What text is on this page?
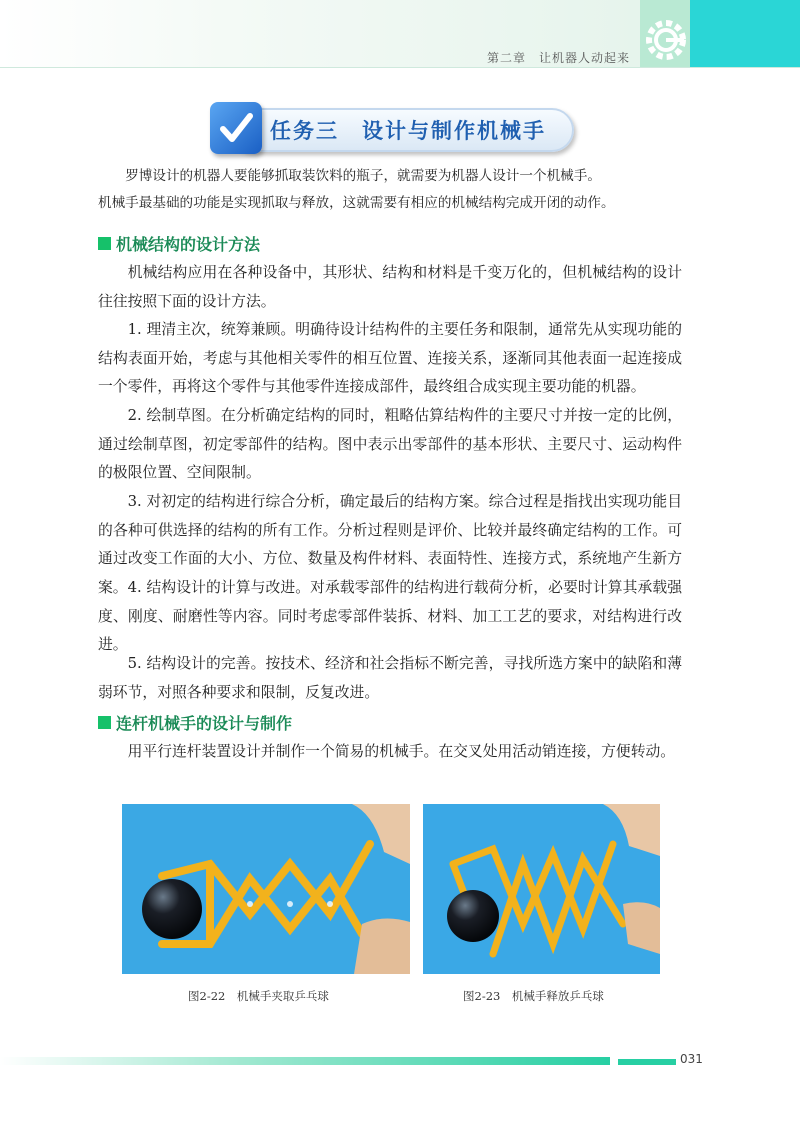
第二章　让机器人动起来
任务三　设计与制作机械手

罗博设计的机器人要能够抓取装饮料的瓶子，就需要为机器人设计一个机械手。

机械手最基础的功能是实现抓取与释放，这就需要有相应的机械结构完成开闭的动作。

机械结构的设计方法

机械结构应用在各种设备中，其形状、结构和材料是千变万化的，但机械结构的设计往往按照下面的设计方法。

1. 理清主次，统筹兼顾。明确待设计结构件的主要任务和限制，通常先从实现功能的结构表面开始，考虑与其他相关零件的相互位置、连接关系，逐渐同其他表面一起连接成一个零件，再将这个零件与其他零件连接成部件，最终组合成实现主要功能的机器。

2. 绘制草图。在分析确定结构的同时，粗略估算结构件的主要尺寸并按一定的比例，通过绘制草图，初定零部件的结构。图中表示出零部件的基本形状、主要尺寸、运动构件的极限位置、空间限制。

3. 对初定的结构进行综合分析，确定最后的结构方案。综合过程是指找出实现功能目的各种可供选择的结构的所有工作。分析过程则是评价、比较并最终确定结构的工作。可通过改变工作面的大小、方位、数量及构件材料、表面特性、连接方式，系统地产生新方案。 4. 结构设计的计算与改进。对承载零部件的结构进行载荷分析，必要时计算其承载强度、刚度、耐磨性等内容。同时考虑零部件装拆、材料、加工工艺的要求，对结构进行改进。

5. 结构设计的完善。按技术、经济和社会指标不断完善，寻找所选方案中的缺陷和薄弱环节，对照各种要求和限制，反复改进。

连杆机械手的设计与制作

用平行连杆装置设计并制作一个简易的机械手。在交叉处用活动销连接，方便转动。

图2-22　机械手夹取乒乓球	图2-23　机械手释放乒乓球
031
